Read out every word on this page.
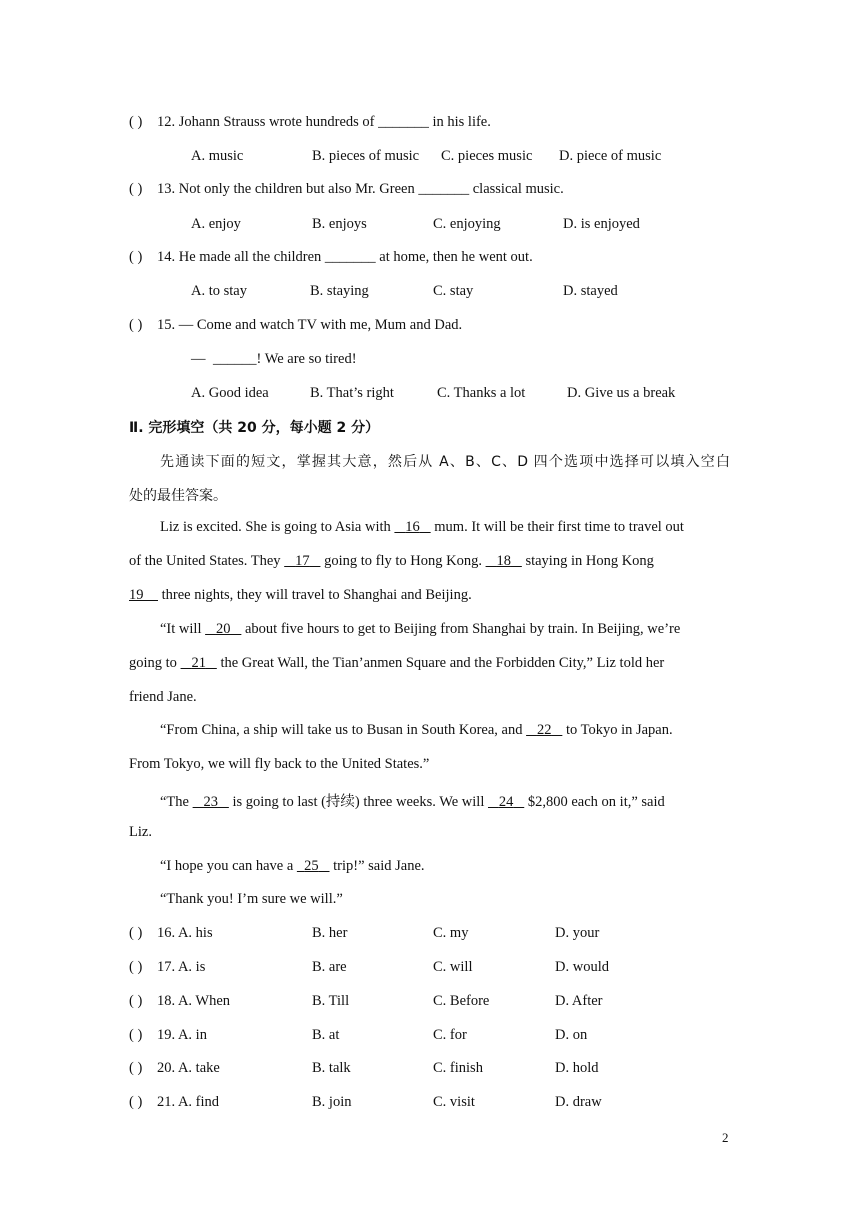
( ) 12. Johann Strauss wrote hundreds of _______ in his life.
A. music	B. pieces of music C. pieces music D. piece of music
( ) 13. Not only the children but also Mr. Green _______ classical music.
A. enjoy	B. enjoys	C. enjoying	D. is enjoyed
( ) 14. He made all the children _______ at home, then he went out.
A. to stay	B. staying	C. stay	D. stayed
( ) 15. — Come and watch TV with me, Mum and Dad.
— ______! We are so tired!
A. Good idea	B. That’s right	C. Thanks a lot	D. Give us a break
Ⅱ. 完形填空（共 20 分，每小题 2 分）
先通读下面的短文，掌握其大意，然后从 A、B、C、D 四个选项中选择可以填入空白
处的最佳答案。
Liz is excited. She is going to Asia with 16 mum. It will be their first time to travel out
of the United States. They 17 going to fly to Hong Kong. 18 staying in Hong Kong
19 three nights, they will travel to Shanghai and Beijing.
“It will 20 about five hours to get to Beijing from Shanghai by train. In Beijing, we’re
going to 21 the Great Wall, the Tian’anmen Square and the Forbidden City,” Liz told her
friend Jane.
“From China, a ship will take us to Busan in South Korea, and 22 to Tokyo in Japan.
From Tokyo, we will fly back to the United States.”
“The 23 is going to last (持续) three weeks. We will 24 $2,800 each on it,” said
Liz.
“I hope you can have a 25 trip!” said Jane.
“Thank you! I’m sure we will.”
( ) 16. A. his	B. her	C. my	D. your
( ) 17. A. is	B. are	C. will	D. would
( ) 18. A. When	B. Till	C. Before	D. After
( ) 19. A. in	B. at	C. for	D. on
( ) 20. A. take	B. talk	C. finish	D. hold
( ) 21. A. find	B. join	C. visit	D. draw
2
